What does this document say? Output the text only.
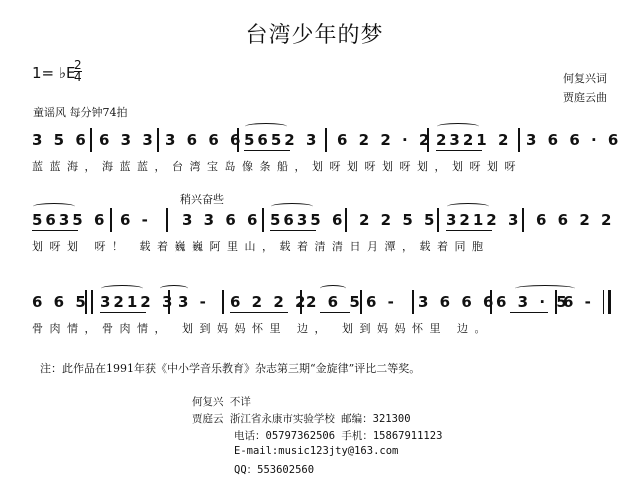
台湾少年的梦
1= ♭E
2
4	何复兴词
贾庭云曲
童谣风 每分钟74拍
3 5 6 6 3 3 3 6 6 6 5652 3 6 2 2 · 2 2321 2 3 6 6 · 6
蓝蓝海，海蓝蓝，台湾宝岛像条船，划呀划呀划呀划，划呀划呀
稍兴奋些
5635 6 6 - 3 3 6 6 5635 6 2 2 5 5 3212 3 6 6 2 2
划呀划 呀！ 载着巍巍阿里山，载着清清日月潭，载着同胞
6 6 5 3212 3 3 - 6 2 2 2
2 6 5 6 - 3 6 6 6 6 3 · 5
6 -
骨肉情，骨肉情， 划到妈妈怀里 边， 划到妈妈怀里 边。
注：此作品在1991年获《中小学音乐教育》杂志第三期“金旋律”评比二等奖。
何复兴 不详
贾庭云 浙江省永康市实验学校 邮编：321300
电话：05797362506 手机：15867911123
E-mail:music123jty@163.com
QQ：553602560
